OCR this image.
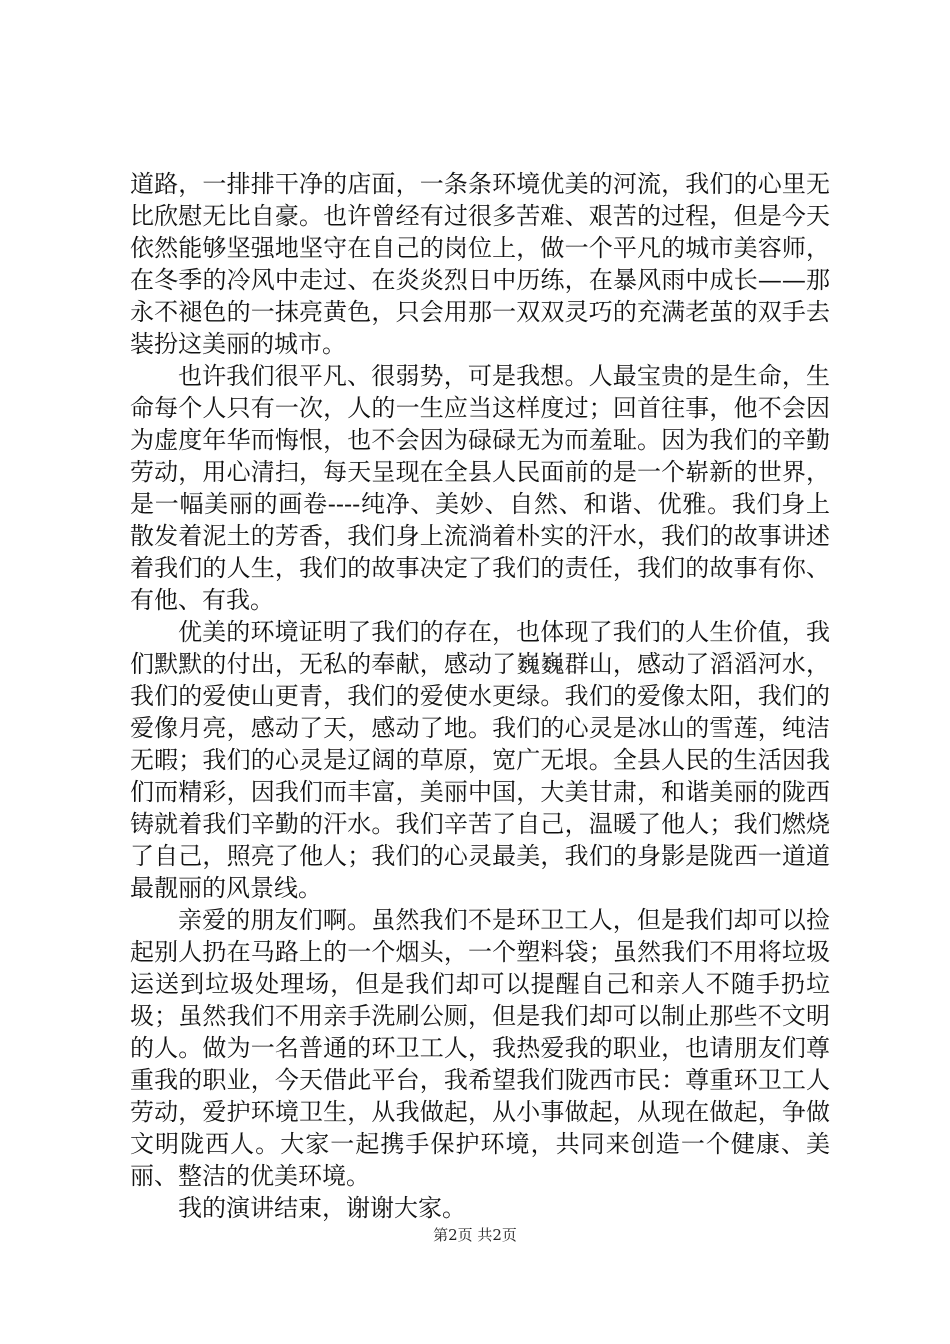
道路，一排排干净的店面，一条条环境优美的河流，我们的心里无比欣慰无比自豪。也许曾经有过很多苦难、艰苦的过程，但是今天依然能够坚强地坚守在自己的岗位上，做一个平凡的城市美容师，在冬季的冷风中走过、在炎炎烈日中历练，在暴风雨中成长——那永不褪色的一抹亮黄色，只会用那一双双灵巧的充满老茧的双手去装扮这美丽的城市。

也许我们很平凡、很弱势，可是我想。人最宝贵的是生命，生命每个人只有一次，人的一生应当这样度过；回首往事，他不会因为虚度年华而悔恨，也不会因为碌碌无为而羞耻。因为我们的辛勤劳动，用心清扫，每天呈现在全县人民面前的是一个崭新的世界，是一幅美丽的画卷----纯净、美妙、自然、和谐、优雅。我们身上散发着泥土的芳香，我们身上流淌着朴实的汗水，我们的故事讲述着我们的人生，我们的故事决定了我们的责任，我们的故事有你、有他、有我。

优美的环境证明了我们的存在，也体现了我们的人生价值，我们默默的付出，无私的奉献，感动了巍巍群山，感动了滔滔河水，我们的爱使山更青，我们的爱使水更绿。我们的爱像太阳，我们的爱像月亮，感动了天，感动了地。我们的心灵是冰山的雪莲，纯洁无暇；我们的心灵是辽阔的草原，宽广无垠。全县人民的生活因我们而精彩，因我们而丰富，美丽中国，大美甘肃，和谐美丽的陇西铸就着我们辛勤的汗水。我们辛苦了自己，温暖了他人；我们燃烧了自己，照亮了他人；我们的心灵最美，我们的身影是陇西一道道最靓丽的风景线。

亲爱的朋友们啊。虽然我们不是环卫工人，但是我们却可以捡起别人扔在马路上的一个烟头，一个塑料袋；虽然我们不用将垃圾运送到垃圾处理场，但是我们却可以提醒自己和亲人不随手扔垃圾；虽然我们不用亲手洗刷公厕，但是我们却可以制止那些不文明的人。做为一名普通的环卫工人，我热爱我的职业，也请朋友们尊重我的职业，今天借此平台，我希望我们陇西市民：尊重环卫工人劳动，爱护环境卫生，从我做起，从小事做起，从现在做起，争做文明陇西人。大家一起携手保护环境，共同来创造一个健康、美丽、整洁的优美环境。

我的演讲结束，谢谢大家。

第2页 共2页
